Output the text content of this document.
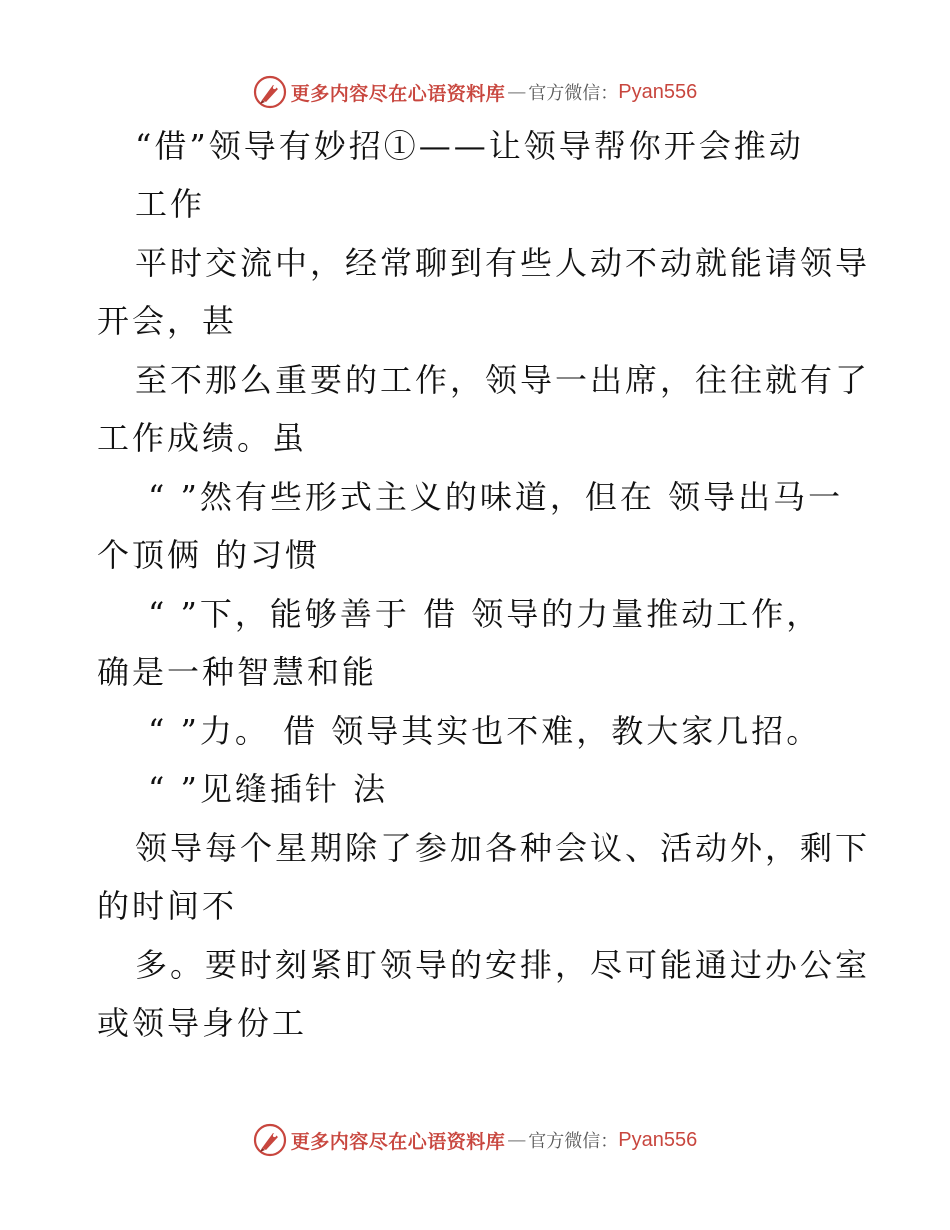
更多内容尽在心语资料库 — 官方微信： Pyan556
“借”领导有妙招①——让领导帮你开会推动
工作
平时交流中，经常聊到有些人动不动就能请领导
开会，甚
至不那么重要的工作，领导一出席，往往就有了
工作成绩。虽
“ ”然有些形式主义的味道，但在 领导出马一
个顶俩 的习惯
“ ”下，能够善于 借 领导的力量推动工作，
确是一种智慧和能
“ ”力。 借 领导其实也不难，教大家几招。
“ ”见缝插针 法
领导每个星期除了参加各种会议、活动外，剩下
的时间不
多。要时刻紧盯领导的安排，尽可能通过办公室
或领导身份工
更多内容尽在心语资料库 — 官方微信： Pyan556
